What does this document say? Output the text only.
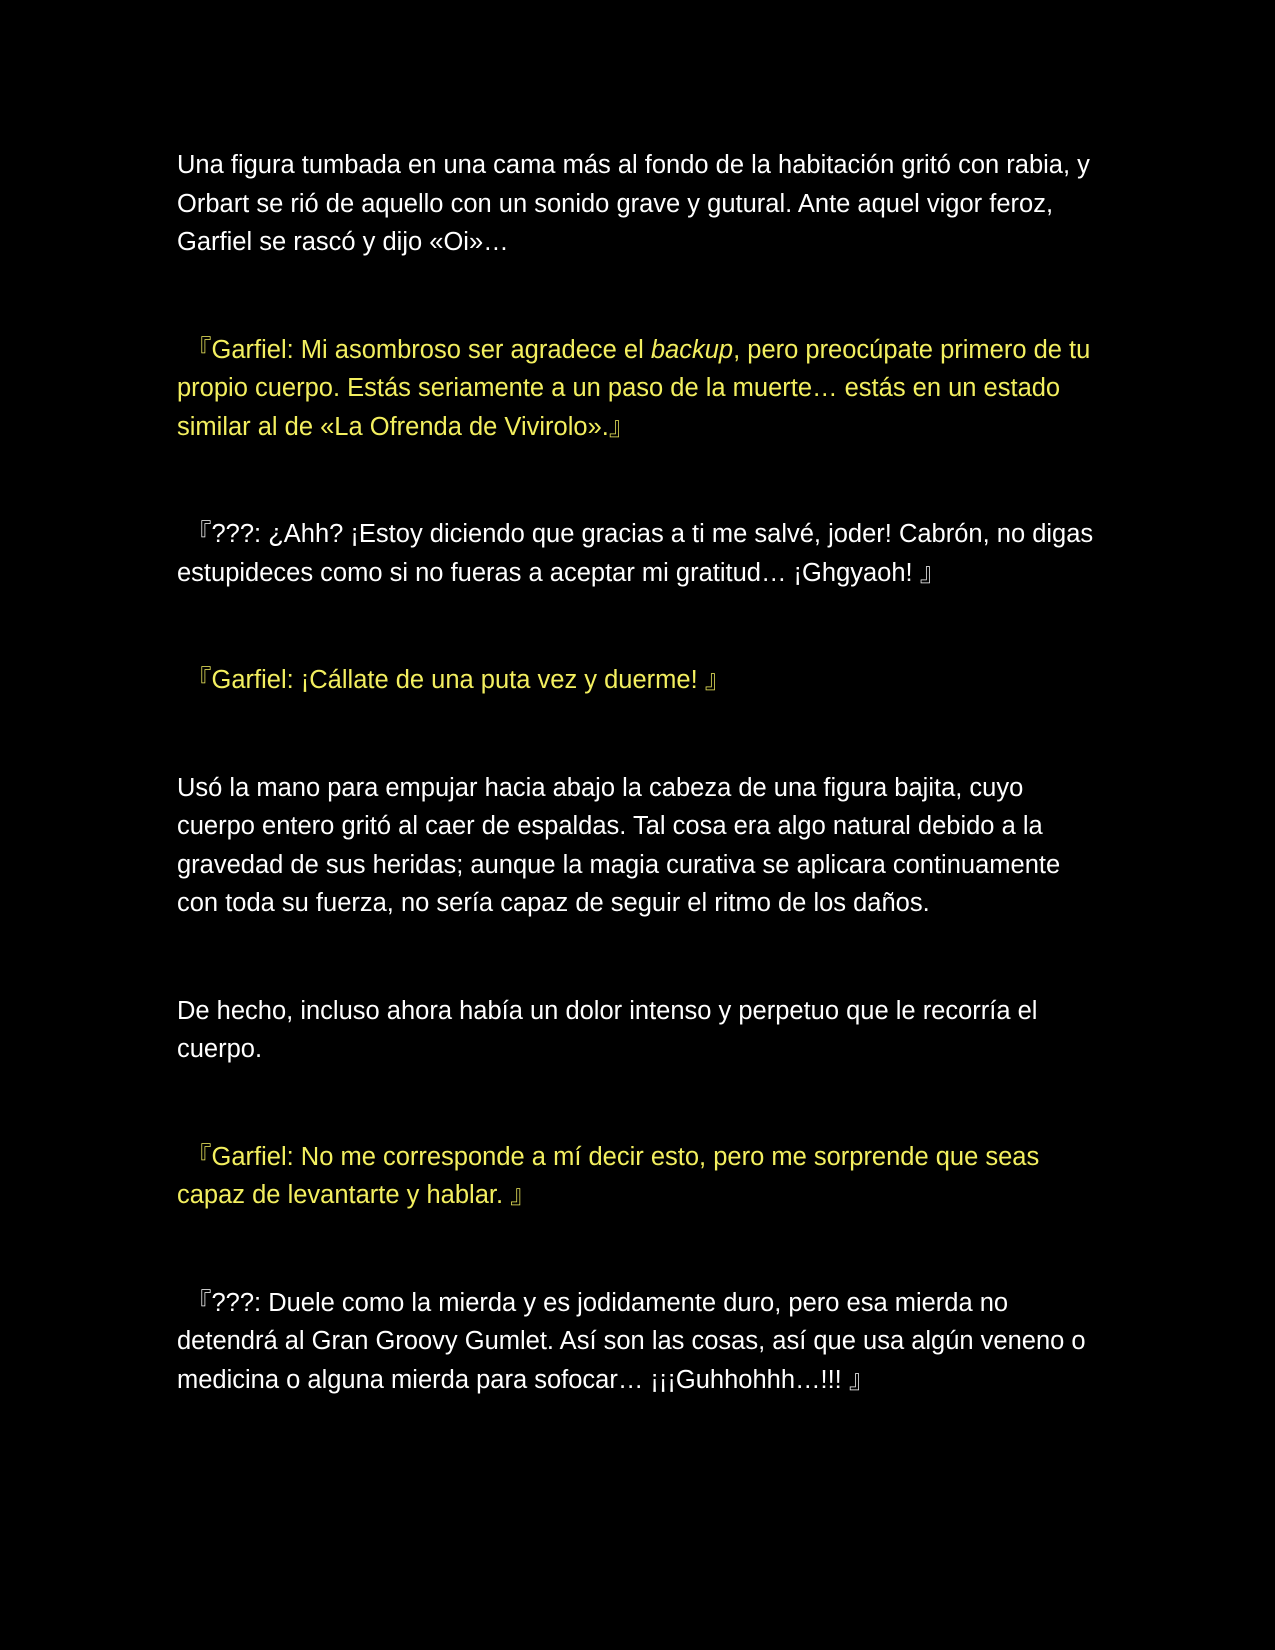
Una figura tumbada en una cama más al fondo de la habitación gritó con rabia, y Orbart se rió de aquello con un sonido grave y gutural. Ante aquel vigor feroz, Garfiel se rascó y dijo «Oi»…

『Garfiel: Mi asombroso ser agradece el backup, pero preocúpate primero de tu propio cuerpo. Estás seriamente a un paso de la muerte… estás en un estado similar al de «La Ofrenda de Vivirolo».』

『???: ¿Ahh? ¡Estoy diciendo que gracias a ti me salvé, joder! Cabrón, no digas estupideces como si no fueras a aceptar mi gratitud… ¡Ghgyaoh! 』

『Garfiel: ¡Cállate de una puta vez y duerme! 』

Usó la mano para empujar hacia abajo la cabeza de una figura bajita, cuyo cuerpo entero gritó al caer de espaldas. Tal cosa era algo natural debido a la gravedad de sus heridas; aunque la magia curativa se aplicara continuamente con toda su fuerza, no sería capaz de seguir el ritmo de los daños.

De hecho, incluso ahora había un dolor intenso y perpetuo que le recorría el cuerpo.

『Garfiel: No me corresponde a mí decir esto, pero me sorprende que seas capaz de levantarte y hablar. 』

『???: Duele como la mierda y es jodidamente duro, pero esa mierda no detendrá al Gran Groovy Gumlet. Así son las cosas, así que usa algún veneno o medicina o alguna mierda para sofocar… ¡¡¡Guhhohhh…!!! 』
